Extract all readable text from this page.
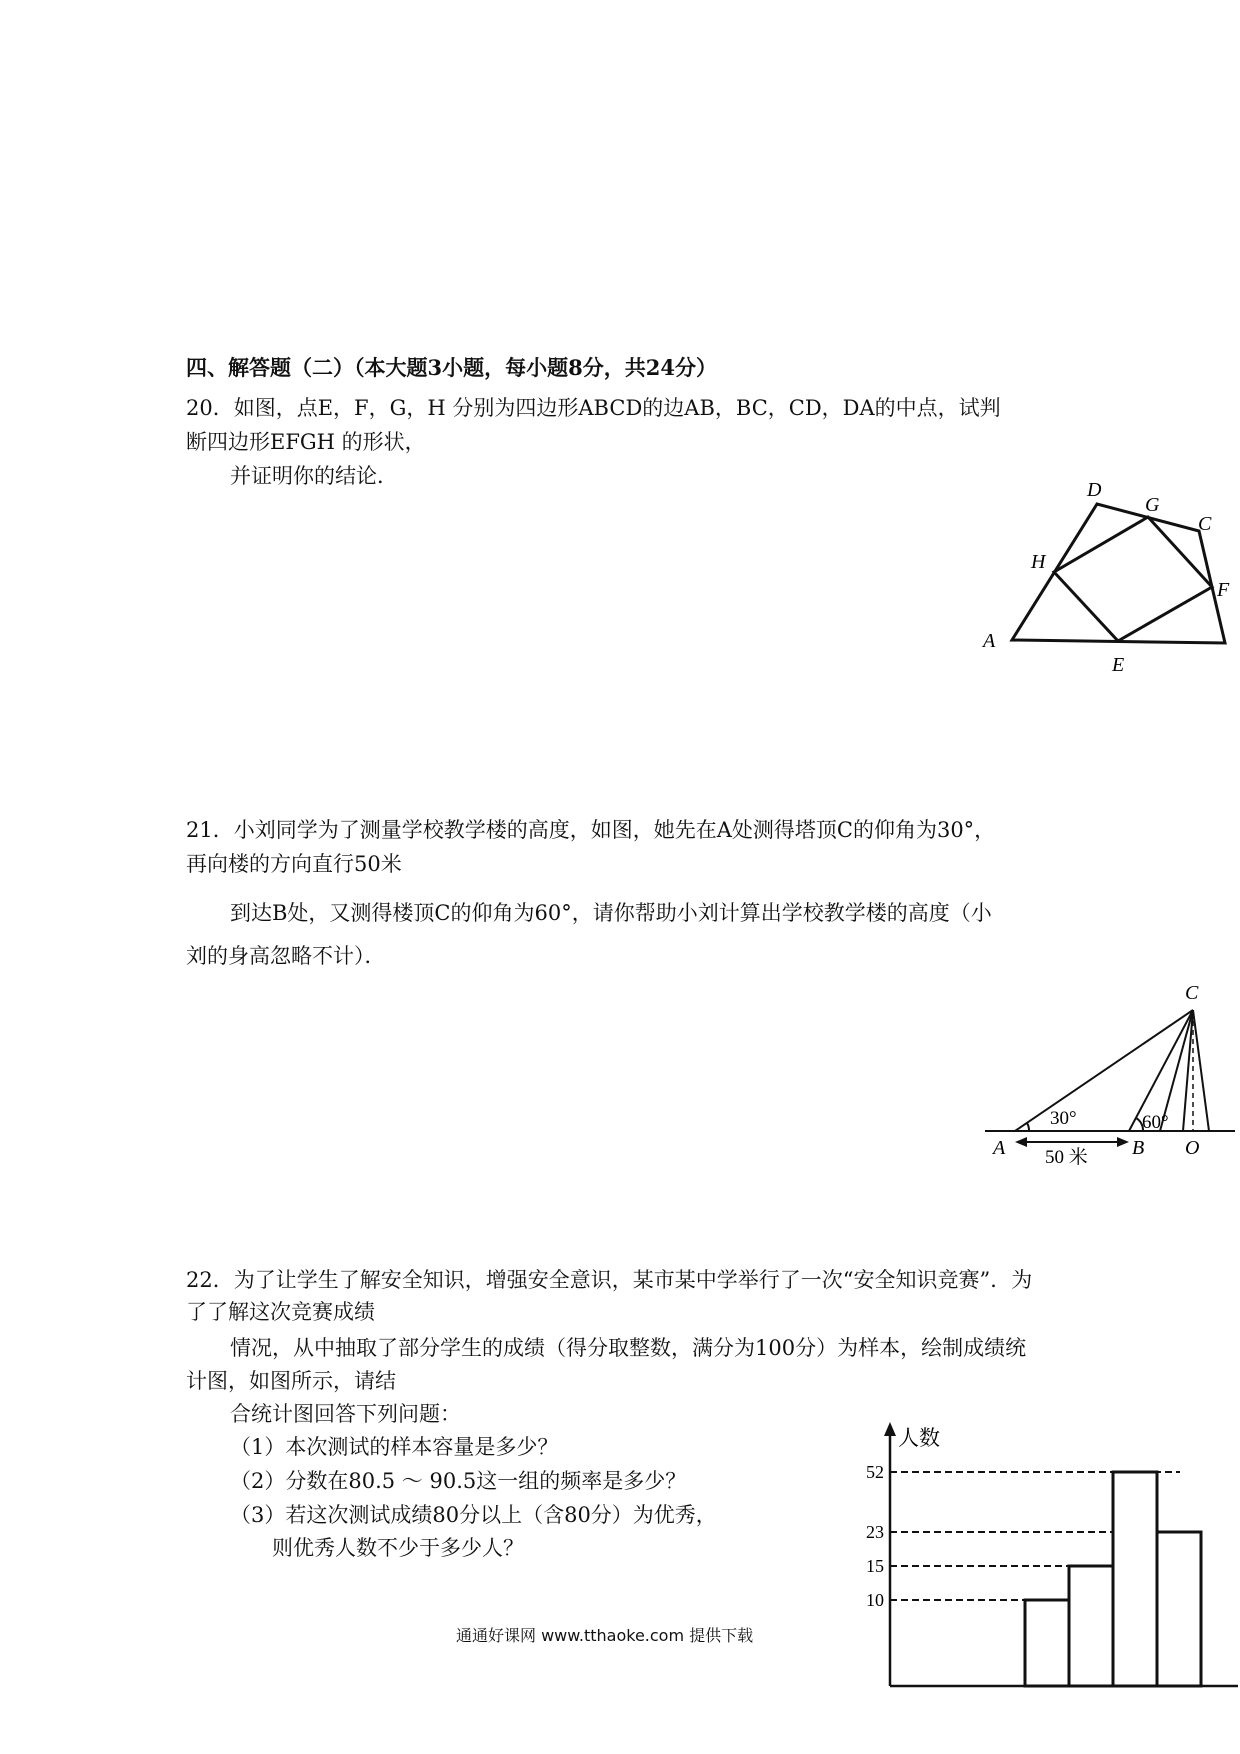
四、解答题（二）（本大题3小题，每小题8分，共24分）
20．如图，点E，F，G，H 分别为四边形ABCD的边AB，BC，CD，DA的中点，试判
断四边形EFGH 的形状，
并证明你的结论．
D
G
C
H
F
A
E
21．小刘同学为了测量学校教学楼的高度，如图，她先在A处测得塔顶C的仰角为30°，
再向楼的方向直行50米
到达B处，又测得楼顶C的仰角为60°，请你帮助小刘计算出学校教学楼的高度（小
刘的身高忽略不计）．
C
A	B O
30°	60°
50 米
22．为了让学生了解安全知识，增强安全意识，某市某中学举行了一次“安全知识竞赛”．为
了了解这次竞赛成绩
情况，从中抽取了部分学生的成绩（得分取整数，满分为100分）为样本，绘制成绩统
计图，如图所示，请结
合统计图回答下列问题：
（1）本次测试的样本容量是多少？
（2）分数在80.5 ～ 90.5这一组的频率是多少？
（3）若这次测试成绩80分以上（含80分）为优秀，
则优秀人数不少于多少人？
10
15
23
52
人数
通通好课网 www.tthaoke.com 提供下载
